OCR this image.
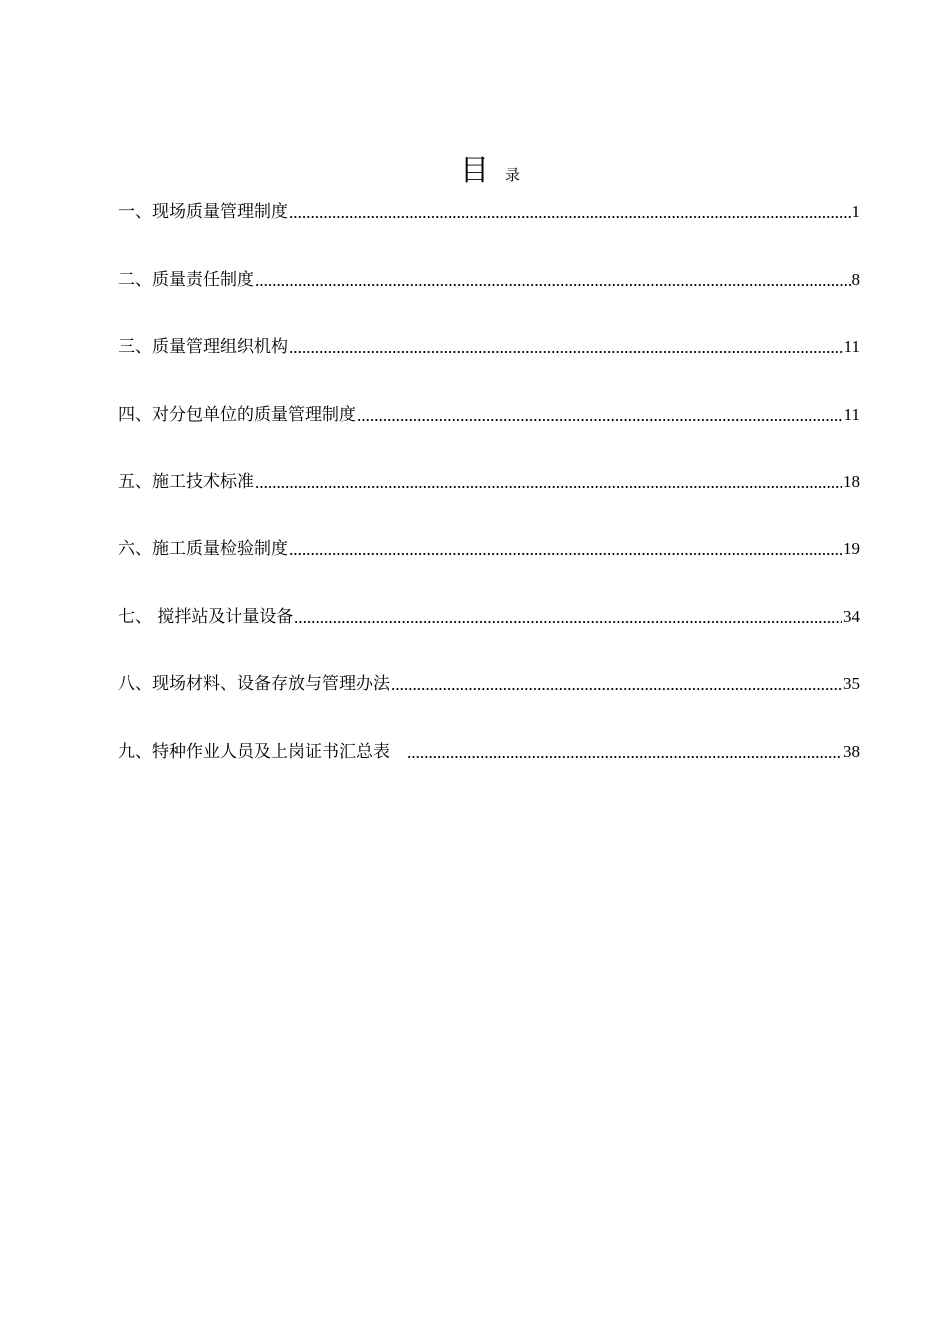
目 录
一、现场质量管理制度	1
二、质量责任制度	8
三、质量管理组织机构	11
四、对分包单位的质量管理制度	11
五、施工技术标准	18
六、施工质量检验制度	19
七、 搅拌站及计量设备	34
八、现场材料、设备存放与管理办法	35
九、特种作业人员及上岗证书汇总表	38
